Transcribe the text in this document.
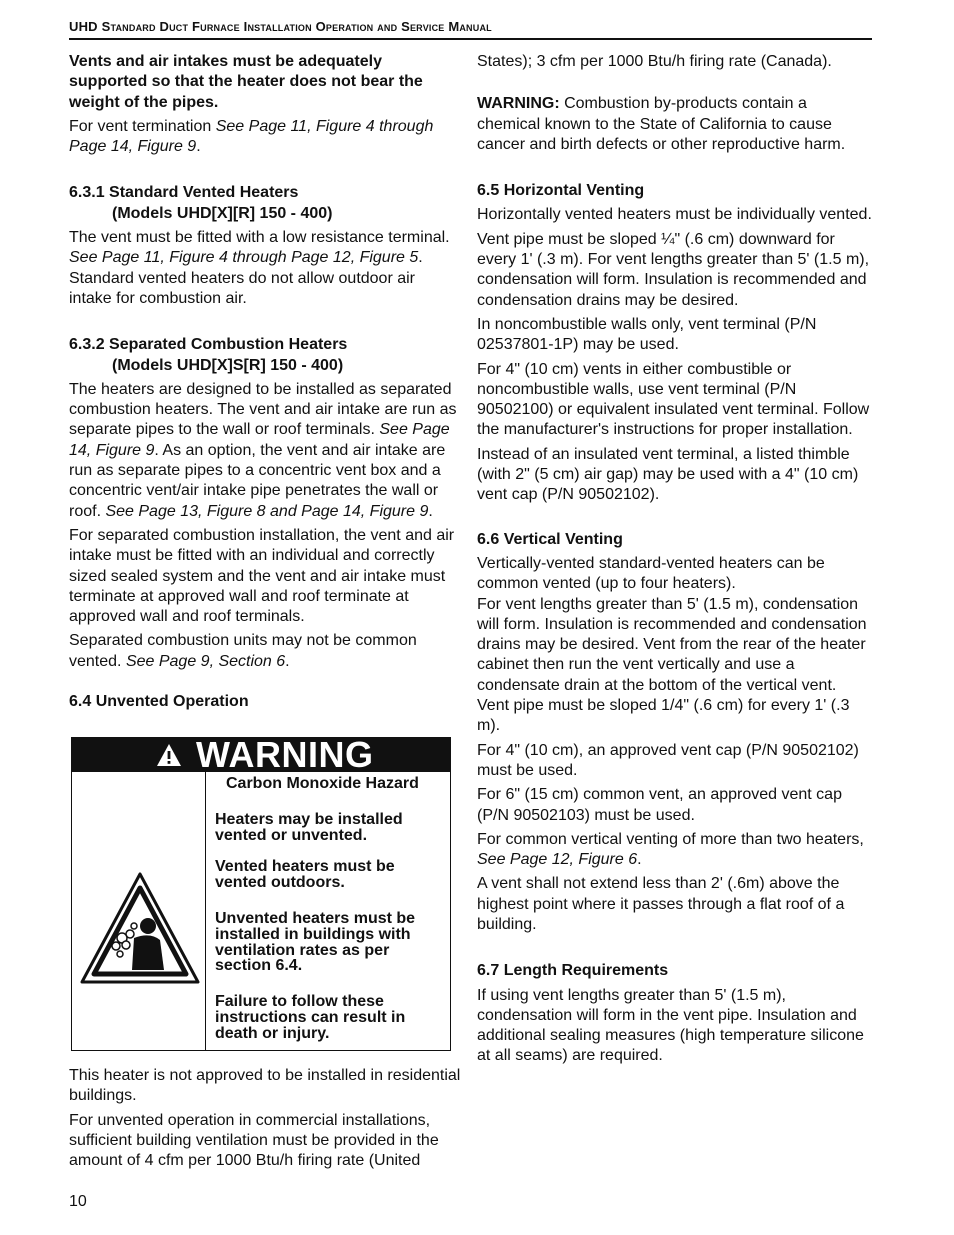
UHD Standard Duct Furnace Installation Operation and Service Manual

Vents and air intakes must be adequately supported so that the heater does not bear the weight of the pipes.

For vent termination See Page 11, Figure 4 through Page 14, Figure 9.

6.3.1 Standard Vented Heaters
(Models UHD[X][R] 150 - 400)

The vent must be fitted with a low resistance terminal. See Page 11, Figure 4 through Page 12, Figure 5. Standard vented heaters do not allow outdoor air intake for combustion air.

6.3.2 Separated Combustion Heaters
(Models UHD[X]S[R] 150 - 400)

The heaters are designed to be installed as separated combustion heaters. The vent and air intake are run as separate pipes to the wall or roof terminals. See Page 14, Figure 9. As an option, the vent and air intake are run as separate pipes to a concentric vent box and a concentric vent/air intake pipe penetrates the wall or roof. See Page 13, Figure 8 and Page 14, Figure 9.

For separated combustion installation, the vent and air intake must be fitted with an individual and correctly sized sealed system and the vent and air intake must terminate at approved wall and roof terminate at approved wall and roof terminals.

Separated combustion units may not be common vented. See Page 9, Section 6.

6.4 Unvented Operation
WARNING
Carbon Monoxide Hazard
Heaters may be installed vented or unvented.
Vented heaters must be vented outdoors.
Unvented heaters must be installed in buildings with ventilation rates as per section 6.4.
Failure to follow these instructions can result in death or injury.

This heater is not approved to be installed in residential buildings.

For unvented operation in commercial installations, sufficient building ventilation must be provided in the amount of 4 cfm per 1000 Btu/h firing rate (United

States); 3 cfm per 1000 Btu/h firing rate (Canada).

WARNING: Combustion by-products contain a chemical known to the State of California to cause cancer and birth defects or other reproductive harm.

6.5 Horizontal Venting

Horizontally vented heaters must be individually vented.

Vent pipe must be sloped ¼" (.6 cm) downward for every 1' (.3 m). For vent lengths greater than 5' (1.5 m), condensation will form. Insulation is recommended and condensation drains may be desired.

In noncombustible walls only, vent terminal (P/N 02537801-1P) may be used.

For 4" (10 cm) vents in either combustible or noncombustible walls, use vent terminal (P/N 90502100) or equivalent insulated vent terminal. Follow the manufacturer's instructions for proper installation.

Instead of an insulated vent terminal, a listed thimble (with 2" (5 cm) air gap) may be used with a 4" (10 cm) vent cap (P/N 90502102).

6.6 Vertical Venting

Vertically-vented standard-vented heaters can be common vented (up to four heaters).
For vent lengths greater than 5' (1.5 m), condensation will form. Insulation is recommended and condensation drains may be desired. Vent from the rear of the heater cabinet then run the vent vertically and use a condensate drain at the bottom of the vertical vent.
Vent pipe must be sloped 1/4" (.6 cm) for every 1' (.3 m).

For 4" (10 cm), an approved vent cap (P/N 90502102) must be used.

For 6" (15 cm) common vent, an approved vent cap (P/N 90502103) must be used.

For common vertical venting of more than two heaters, See Page 12, Figure 6.

A vent shall not extend less than 2' (.6m) above the highest point where it passes through a flat roof of a building.

6.7 Length Requirements

If using vent lengths greater than 5' (1.5 m), condensation will form in the vent pipe. Insulation and additional sealing measures (high temperature silicone at all seams) are required.

10
